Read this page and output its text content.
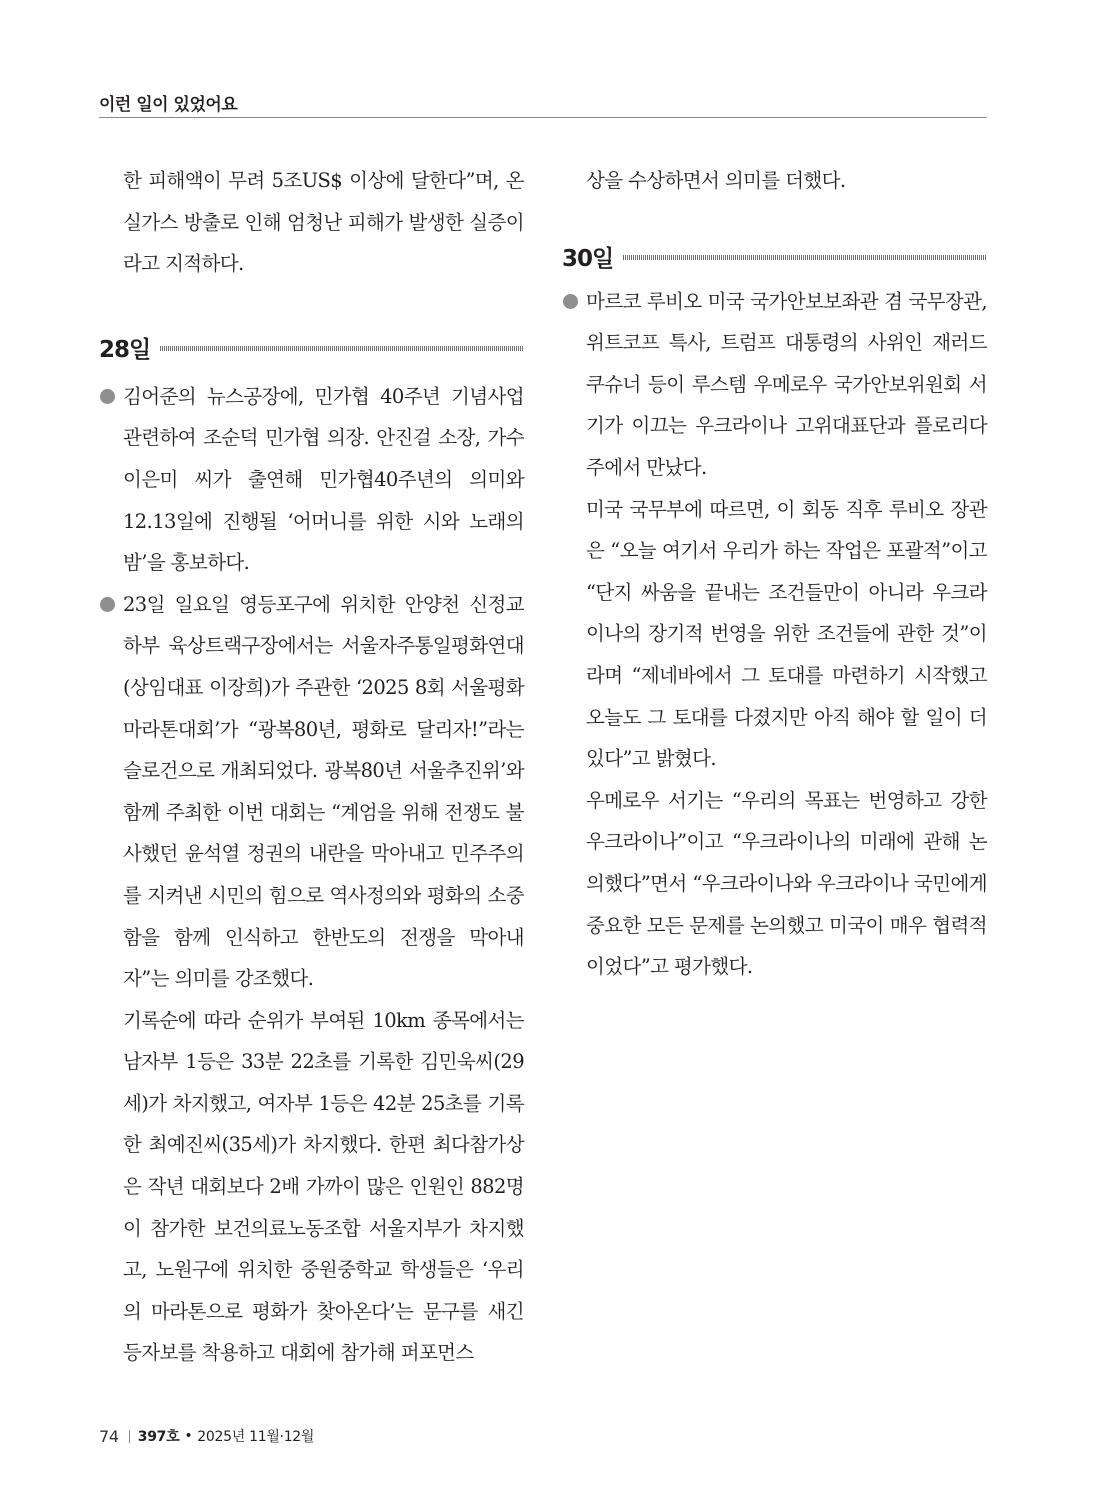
이런 일이 있었어요

한 피해액이 무려 5조US$ 이상에 달한다”며, 온실가스 방출로 인해 엄청난 피해가 발생한 실증이라고 지적하다.

28일

김어준의 뉴스공장에, 민가협 40주년 기념사업 관련하여 조순덕 민가협 의장. 안진걸 소장, 가수 이은미 씨가 출연해 민가협40주년의 의미와 12.13일에 진행될 ‘어머니를 위한 시와 노래의 밤’을 홍보하다.

23일 일요일 영등포구에 위치한 안양천 신정교 하부 육상트랙구장에서는 서울자주통일평화연대(상임대표 이장희)가 주관한 ‘2025 8회 서울평화마라톤대회’가 “광복80년, 평화로 달리자!”라는 슬로건으로 개최되었다. 광복80년 서울추진위’와 함께 주최한 이번 대회는 “계엄을 위해 전쟁도 불사했던 윤석열 정권의 내란을 막아내고 민주주의를 지켜낸 시민의 힘으로 역사정의와 평화의 소중함을 함께 인식하고 한반도의 전쟁을 막아내자”는 의미를 강조했다.

기록순에 따라 순위가 부여된 10km 종목에서는 남자부 1등은 33분 22초를 기록한 김민욱씨(29세)가 차지했고, 여자부 1등은 42분 25초를 기록한 최예진씨(35세)가 차지했다. 한편 최다참가상은 작년 대회보다 2배 가까이 많은 인원인 882명이 참가한 보건의료노동조합 서울지부가 차지했고, 노원구에 위치한 중원중학교 학생들은 ‘우리의 마라톤으로 평화가 찾아온다’는 문구를 새긴 등자보를 착용하고 대회에 참가해 퍼포먼스

상을 수상하면서 의미를 더했다.

30일

마르코 루비오 미국 국가안보보좌관 겸 국무장관, 위트코프 특사, 트럼프 대통령의 사위인 재러드 쿠슈너 등이 루스템 우메로우 국가안보위원회 서기가 이끄는 우크라이나 고위대표단과 플로리다주에서 만났다.

미국 국무부에 따르면, 이 회동 직후 루비오 장관은 “오늘 여기서 우리가 하는 작업은 포괄적”이고 “단지 싸움을 끝내는 조건들만이 아니라 우크라이나의 장기적 번영을 위한 조건들에 관한 것”이라며 “제네바에서 그 토대를 마련하기 시작했고 오늘도 그 토대를 다졌지만 아직 해야 할 일이 더 있다”고 밝혔다.

우메로우 서기는 “우리의 목표는 번영하고 강한 우크라이나”이고 “우크라이나의 미래에 관해 논의했다”면서 “우크라이나와 우크라이나 국민에게 중요한 모든 문제를 논의했고 미국이 매우 협력적이었다”고 평가했다.

74 397호 • 2025년 11월·12월
